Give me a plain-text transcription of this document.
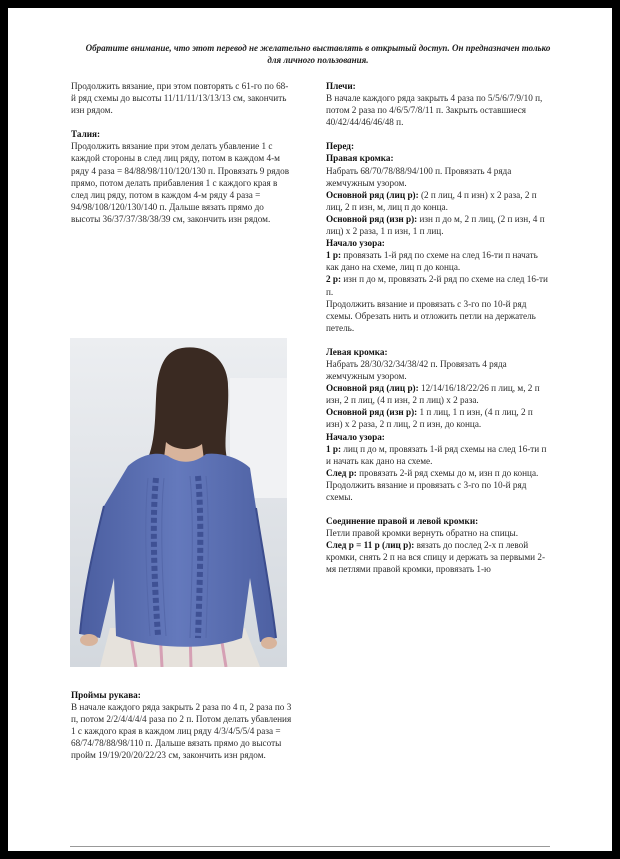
Обратите внимание, что этот перевод не желательно выставлять в открытый доступ. Он предназначен только для личного пользования.

Продолжить вязание, при этом повторять с 61-го по 68-й ряд схемы до высоты 11/11/11/13/13/13 см, закончить изн рядом.

Талия:

Продолжить вязание при этом делать убавление 1 с каждой стороны в след лиц ряду, потом в каждом 4-м ряду 4 раза = 84/88/98/110/120/130 п. Провязать 9 рядов прямо, потом делать прибавления 1 с каждого края в след лиц ряду, потом в каждом 4-м ряду 4 раза = 94/98/108/120/130/140 п. Дальше вязать прямо до высоты 36/37/37/38/38/39 см, закончить изн рядом.

Проймы рукава:

В начале каждого ряда закрыть 2 раза по 4 п, 2 раза по 3 п, потом 2/2/4/4/4/4 раза по 2 п. Потом делать убавления 1 с каждого края в каждом лиц ряду 4/3/4/5/5/4 раза = 68/74/78/88/98/110 п. Дальше вязать прямо до высоты пройм 19/19/20/20/22/23 см, закончить изн рядом.

Плечи:

В начале каждого ряда закрыть 4 раза по 5/5/6/7/9/10 п, потом 2 раза по 4/6/5/7/8/11 п. Закрыть оставшиеся 40/42/44/46/46/48 п.

Перед:

Правая кромка:

Набрать 68/70/78/88/94/100 п. Провязать 4 ряда жемчужным узором.

Основной ряд (лиц р): (2 п лиц, 4 п изн) х 2 раза, 2 п лиц, 2 п изн, м, лиц п до конца.

Основной ряд (изн р): изн п до м, 2 п лиц, (2 п изн, 4 п лиц) х 2 раза, 1 п изн, 1 п лиц.

Начало узора:

1 р: провязать 1-й ряд по схеме на след 16-ти п начать как дано на схеме, лиц п до конца.

2 р: изн п до м, провязать 2-й ряд по схеме на след 16-ти п.

Продолжить вязание и провязать с 3-го по 10-й ряд схемы. Обрезать нить и отложить петли на держатель петель.

Левая кромка:

Набрать 28/30/32/34/38/42 п. Провязать 4 ряда жемчужным узором.

Основной ряд (лиц р): 12/14/16/18/22/26 п лиц, м, 2 п изн, 2 п лиц, (4 п изн, 2 п лиц) х 2 раза.

Основной ряд (изн р): 1 п лиц, 1 п изн, (4 п лиц, 2 п изн) х 2 раза, 2 п лиц, 2 п изн, до конца.

Начало узора:

1 р: лиц п до м, провязать 1-й ряд схемы на след 16-ти п и начать как дано на схеме.

След р: провязать 2-й ряд схемы до м, изн п до конца.

Продолжить вязание и провязать с 3-го по 10-й ряд схемы.

Соединение правой и левой кромки:

Петли правой кромки вернуть обратно на спицы.

След р = 11 р (лиц р): вязать до послед 2-х п левой кромки, снять 2 п на вся спицу и держать за первыми 2-мя петлями правой кромки, провязать 1-ю
